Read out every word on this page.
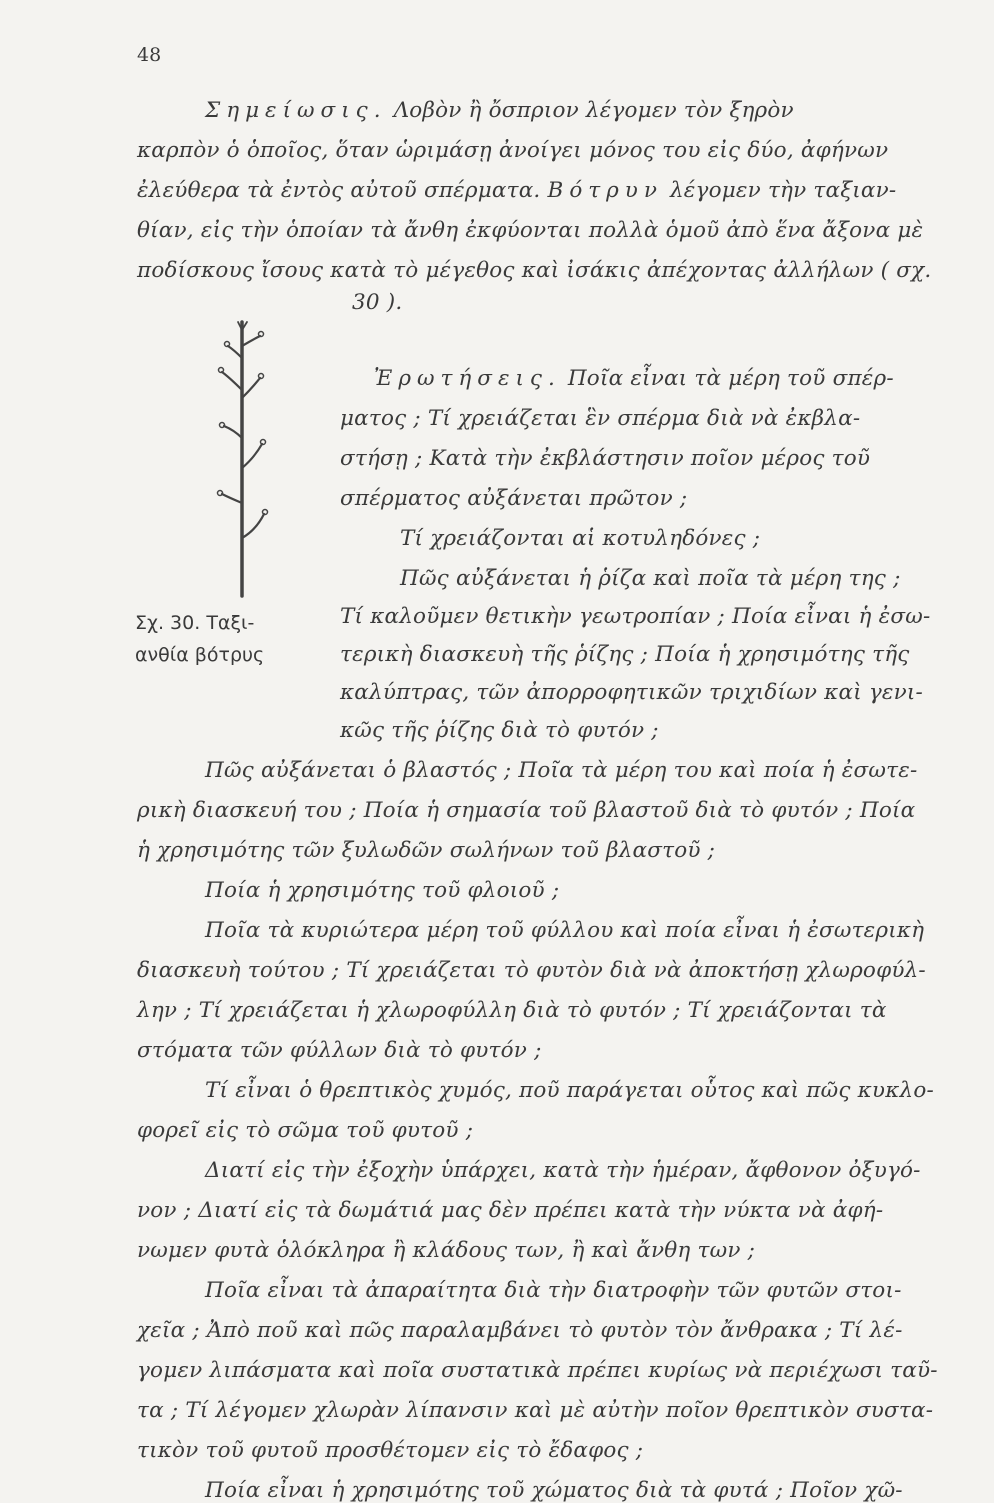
48
Σχ. 30. Ταξι-
ανθία βότρυς
Σημείωσις. Λοβὸν ἢ ὄσπριον λέγομεν τὸν ξηρὸν
καρπὸν ὁ ὁποῖος, ὅταν ὡριμάσῃ ἀνοίγει μόνος του εἰς δύο, ἀφήνων
ἐλεύθερα τὰ ἐντὸς αὐτοῦ σπέρματα. Βότρυν λέγομεν τὴν ταξιαν-
θίαν, εἰς τὴν ὁποίαν τὰ ἄνθη ἐκφύονται πολλὰ ὁμοῦ ἀπὸ ἕνα ἄξονα μὲ
ποδίσκους ἴσους κατὰ τὸ μέγεθος καὶ ἰσάκις ἀπέχοντας ἀλλήλων ( σχ.
30 ).
Ἐρωτήσεις. Ποῖα εἶναι τὰ μέρη τοῦ σπέρ-
ματος ; Τί χρειάζεται ἓν σπέρμα διὰ νὰ ἐκβλα-
στήσῃ ; Κατὰ τὴν ἐκβλάστησιν ποῖον μέρος τοῦ
σπέρματος αὐξάνεται πρῶτον ;
Τί χρειάζονται αἱ κοτυληδόνες ;
Πῶς αὐξάνεται ἡ ῥίζα καὶ ποῖα τὰ μέρη της ;
Τί καλοῦμεν θετικὴν γεωτροπίαν ; Ποία εἶναι ἡ ἐσω-
τερικὴ διασκευὴ τῆς ῥίζης ; Ποία ἡ χρησιμότης τῆς
καλύπτρας, τῶν ἀπορροφητικῶν τριχιδίων καὶ γενι-
κῶς τῆς ῥίζης διὰ τὸ φυτόν ;
Πῶς αὐξάνεται ὁ βλαστός ; Ποῖα τὰ μέρη του καὶ ποία ἡ ἐσωτε-
ρικὴ διασκευή του ; Ποία ἡ σημασία τοῦ βλαστοῦ διὰ τὸ φυτόν ; Ποία
ἡ χρησιμότης τῶν ξυλωδῶν σωλήνων τοῦ βλαστοῦ ;
Ποία ἡ χρησιμότης τοῦ φλοιοῦ ;
Ποῖα τὰ κυριώτερα μέρη τοῦ φύλλου καὶ ποία εἶναι ἡ ἐσωτερικὴ
διασκευὴ τούτου ; Τί χρειάζεται τὸ φυτὸν διὰ νὰ ἀποκτήσῃ χλωροφύλ-
λην ; Τί χρειάζεται ἡ χλωροφύλλη διὰ τὸ φυτόν ; Τί χρειάζονται τὰ
στόματα τῶν φύλλων διὰ τὸ φυτόν ;
Τί εἶναι ὁ θρεπτικὸς χυμός, ποῦ παράγεται οὗτος καὶ πῶς κυκλο-
φορεῖ εἰς τὸ σῶμα τοῦ φυτοῦ ;
Διατί εἰς τὴν ἐξοχὴν ὑπάρχει, κατὰ τὴν ἡμέραν, ἄφθονον ὀξυγό-
νον ; Διατί εἰς τὰ δωμάτιά μας δὲν πρέπει κατὰ τὴν νύκτα νὰ ἀφή-
νωμεν φυτὰ ὁλόκληρα ἢ κλάδους των, ἢ καὶ ἄνθη των ;
Ποῖα εἶναι τὰ ἀπαραίτητα διὰ τὴν διατροφὴν τῶν φυτῶν στοι-
χεῖα ; Ἀπὸ ποῦ καὶ πῶς παραλαμβάνει τὸ φυτὸν τὸν ἄνθρακα ; Τί λέ-
γομεν λιπάσματα καὶ ποῖα συστατικὰ πρέπει κυρίως νὰ περιέχωσι ταῦ-
τα ; Τί λέγομεν χλωρὰν λίπανσιν καὶ μὲ αὐτὴν ποῖον θρεπτικὸν συστα-
τικὸν τοῦ φυτοῦ προσθέτομεν εἰς τὸ ἔδαφος ;
Ποία εἶναι ἡ χρησιμότης τοῦ χώματος διὰ τὰ φυτά ; Ποῖον χῶ-
